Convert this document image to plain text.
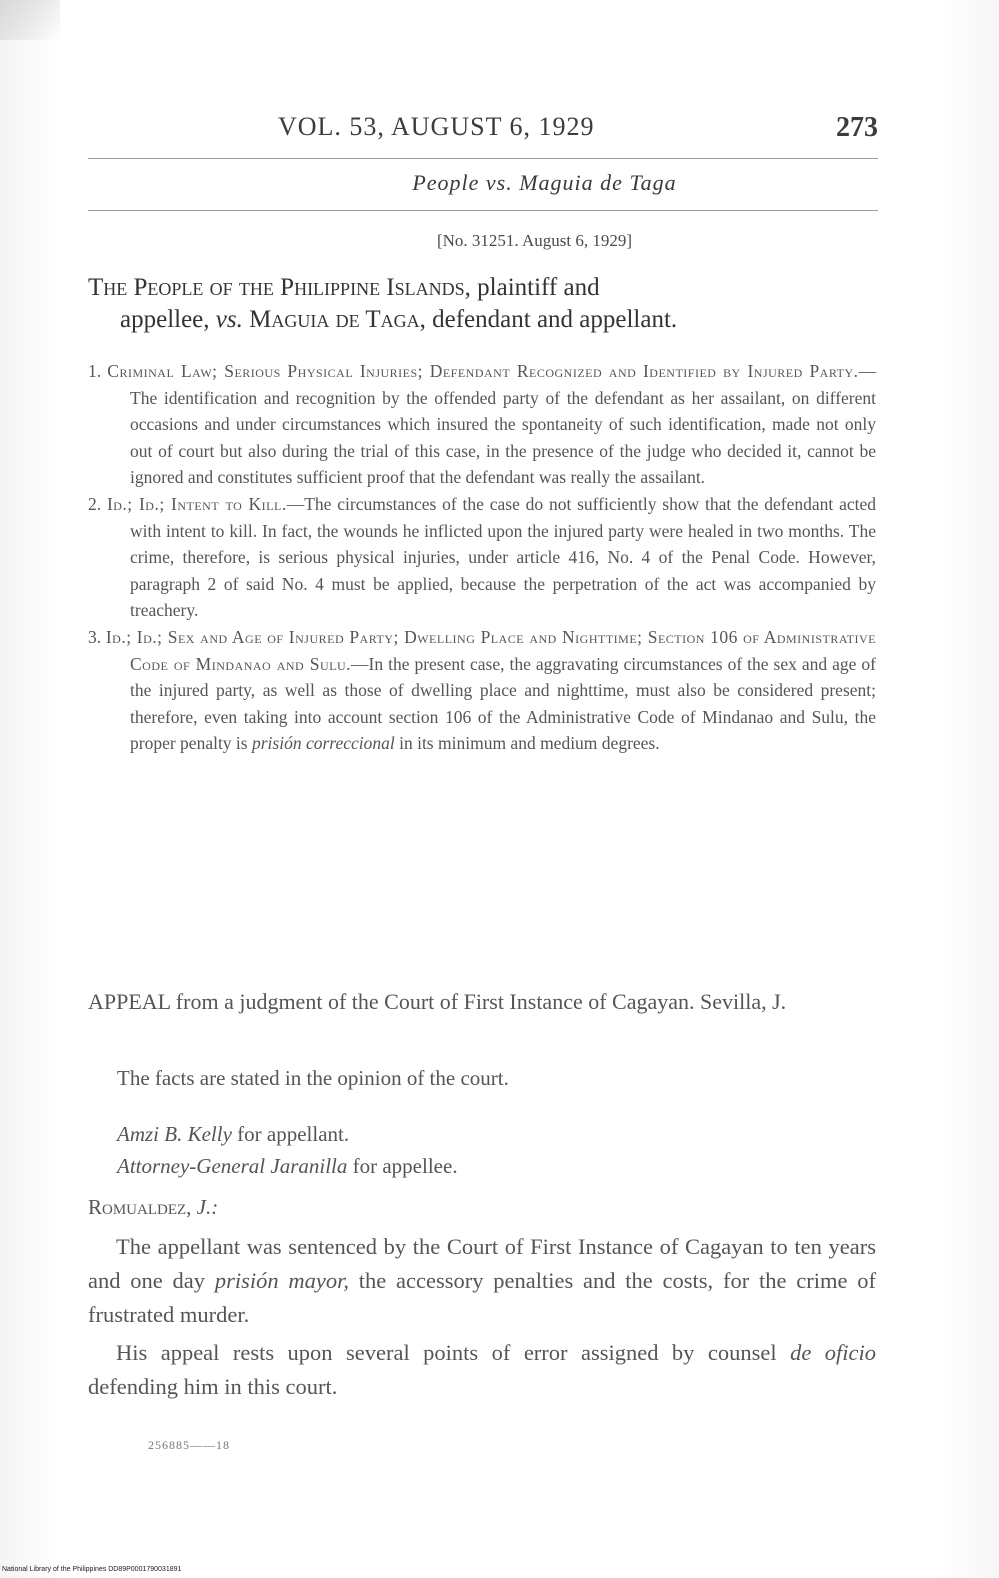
VOL. 53, AUGUST 6, 1929	273
People vs. Maguia de Taga
[No. 31251. August 6, 1929]
The People of the Philippine Islands, plaintiff and
appellee, vs. Maguia de Taga, defendant and appellant.

1. Criminal Law; Serious Physical Injuries; Defendant Recognized and Identified by Injured Party.—The identification and recognition by the offended party of the defendant as her assailant, on different occasions and under circumstances which insured the spontaneity of such identification, made not only out of court but also during the trial of this case, in the presence of the judge who decided it, cannot be ignored and constitutes sufficient proof that the defendant was really the assailant.

2. Id.; Id.; Intent to Kill.—The circumstances of the case do not sufficiently show that the defendant acted with intent to kill. In fact, the wounds he inflicted upon the injured party were healed in two months. The crime, therefore, is serious physical injuries, under article 416, No. 4 of the Penal Code. However, paragraph 2 of said No. 4 must be applied, because the perpetration of the act was accompanied by treachery.

3. Id.; Id.; Sex and Age of Injured Party; Dwelling Place and Nighttime; Section 106 of Administrative Code of Mindanao and Sulu.—In the present case, the aggravating circumstances of the sex and age of the injured party, as well as those of dwelling place and nighttime, must also be considered present; therefore, even taking into account section 106 of the Administrative Code of Mindanao and Sulu, the proper penalty is prisión correccional in its minimum and medium degrees.

APPEAL from a judgment of the Court of First Instance of Cagayan. Sevilla, J.
The facts are stated in the opinion of the court.
Amzi B. Kelly for appellant.
Attorney-General Jaranilla for appellee.
Romualdez, J.:

The appellant was sentenced by the Court of First Instance of Cagayan to ten years and one day prisión mayor, the accessory penalties and the costs, for the crime of frustrated murder.

His appeal rests upon several points of error assigned by counsel de oficio defending him in this court.

256885——18
National Library of the Philippines DD89P0001790031891
